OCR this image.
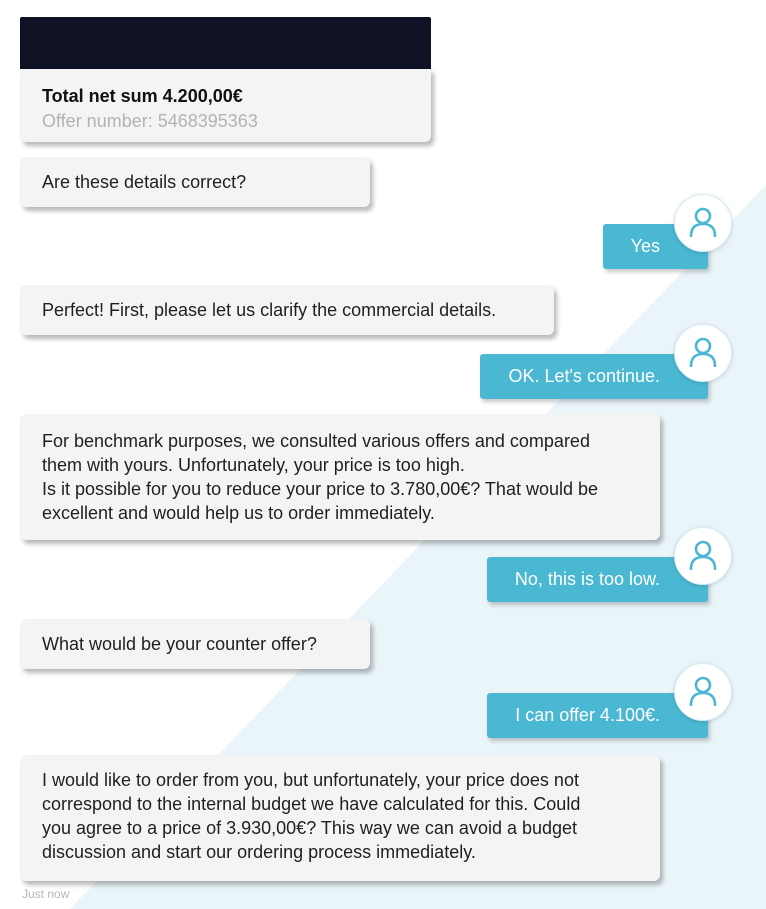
Total net sum 4.200,00€
Offer number: 5468395363
Are these details correct?
Yes
Perfect! First, please let us clarify the commercial details.
OK. Let's continue.
For benchmark purposes, we consulted various offers and compared
them with yours. Unfortunately, your price is too high.
Is it possible for you to reduce your price to 3.780,00€? That would be
excellent and would help us to order immediately.
No, this is too low.
What would be your counter offer?
I can offer 4.100€.
I would like to order from you, but unfortunately, your price does not
correspond to the internal budget we have calculated for this. Could
you agree to a price of 3.930,00€? This way we can avoid a budget
discussion and start our ordering process immediately.
Just now
